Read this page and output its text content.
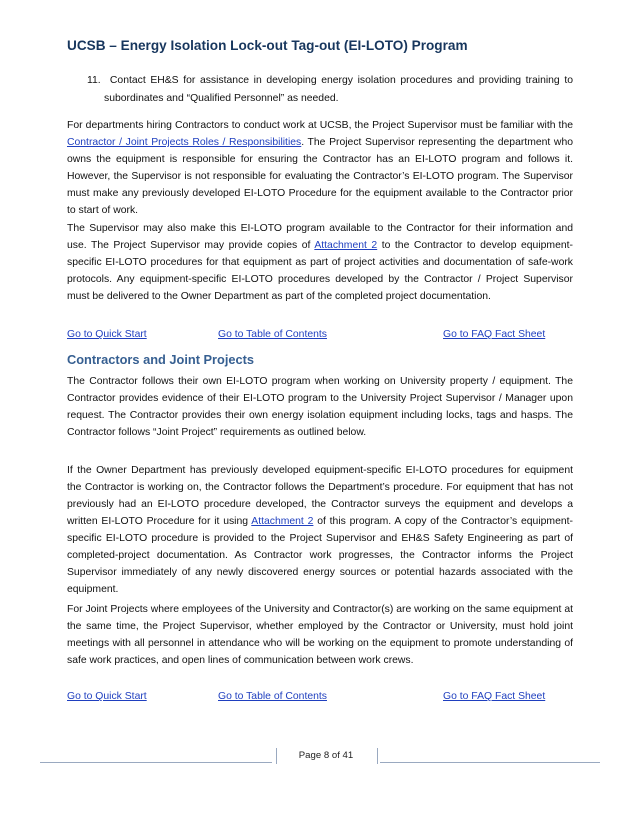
UCSB – Energy Isolation Lock-out Tag-out (EI-LOTO) Program
11. Contact EH&S for assistance in developing energy isolation procedures and providing training to subordinates and “Qualified Personnel” as needed.

For departments hiring Contractors to conduct work at UCSB, the Project Supervisor must be familiar with the Contractor / Joint Projects Roles / Responsibilities. The Project Supervisor representing the department who owns the equipment is responsible for ensuring the Contractor has an EI-LOTO program and follows it. However, the Supervisor is not responsible for evaluating the Contractor’s EI-LOTO program. The Supervisor must make any previously developed EI-LOTO Procedure for the equipment available to the Contractor prior to start of work.

The Supervisor may also make this EI-LOTO program available to the Contractor for their information and use. The Project Supervisor may provide copies of Attachment 2 to the Contractor to develop equipment-specific EI-LOTO procedures for that equipment as part of project activities and documentation of safe-work protocols. Any equipment-specific EI-LOTO procedures developed by the Contractor / Project Supervisor must be delivered to the Owner Department as part of the completed project documentation.

Go to Quick Start	Go to Table of Contents	Go to FAQ Fact Sheet
Contractors and Joint Projects

The Contractor follows their own EI-LOTO program when working on University property / equipment. The Contractor provides evidence of their EI-LOTO program to the University Project Supervisor / Manager upon request. The Contractor provides their own energy isolation equipment including locks, tags and hasps. The Contractor follows “Joint Project” requirements as outlined below.

If the Owner Department has previously developed equipment-specific EI-LOTO procedures for equipment the Contractor is working on, the Contractor follows the Department’s procedure. For equipment that has not previously had an EI-LOTO procedure developed, the Contractor surveys the equipment and develops a written EI-LOTO Procedure for it using Attachment 2 of this program. A copy of the Contractor’s equipment-specific EI-LOTO procedure is provided to the Project Supervisor and EH&S Safety Engineering as part of completed-project documentation. As Contractor work progresses, the Contractor informs the Project Supervisor immediately of any newly discovered energy sources or potential hazards associated with the equipment.

For Joint Projects where employees of the University and Contractor(s) are working on the same equipment at the same time, the Project Supervisor, whether employed by the Contractor or University, must hold joint meetings with all personnel in attendance who will be working on the equipment to promote understanding of safe work practices, and open lines of communication between work crews.

Go to Quick Start	Go to Table of Contents	Go to FAQ Fact Sheet
Page 8 of 41
